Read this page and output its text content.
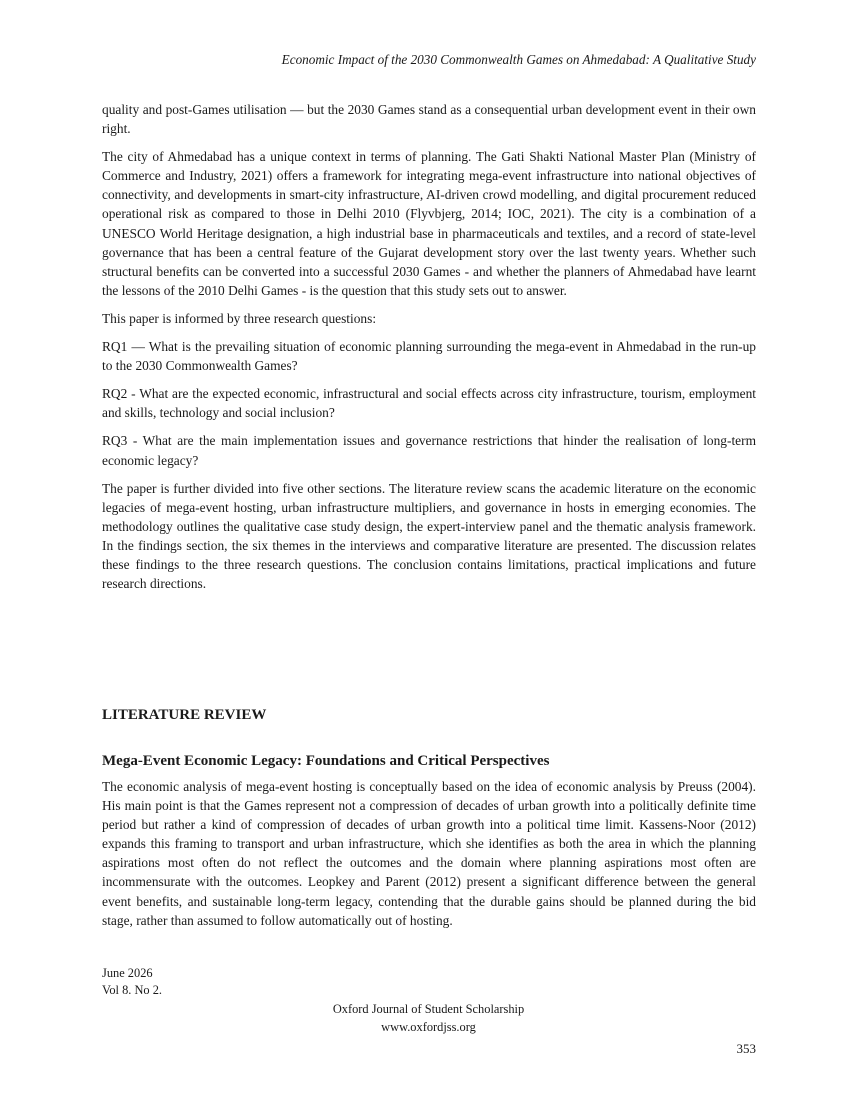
Economic Impact of the 2030 Commonwealth Games on Ahmedabad: A Qualitative Study

quality and post-Games utilisation — but the 2030 Games stand as a consequential urban development event in their own right.

The city of Ahmedabad has a unique context in terms of planning. The Gati Shakti National Master Plan (Ministry of Commerce and Industry, 2021) offers a framework for integrating mega-event infrastructure into national objectives of connectivity, and developments in smart-city infrastructure, AI-driven crowd modelling, and digital procurement reduced operational risk as compared to those in Delhi 2010 (Flyvbjerg, 2014; IOC, 2021). The city is a combination of a UNESCO World Heritage designation, a high industrial base in pharmaceuticals and textiles, and a record of state-level governance that has been a central feature of the Gujarat development story over the last twenty years. Whether such structural benefits can be converted into a successful 2030 Games - and whether the planners of Ahmedabad have learnt the lessons of the 2010 Delhi Games - is the question that this study sets out to answer.

This paper is informed by three research questions:

RQ1 — What is the prevailing situation of economic planning surrounding the mega-event in Ahmedabad in the run-up to the 2030 Commonwealth Games?

RQ2 - What are the expected economic, infrastructural and social effects across city infrastructure, tourism, employment and skills, technology and social inclusion?

RQ3 - What are the main implementation issues and governance restrictions that hinder the realisation of long-term economic legacy?

The paper is further divided into five other sections. The literature review scans the academic literature on the economic legacies of mega-event hosting, urban infrastructure multipliers, and governance in hosts in emerging economies. The methodology outlines the qualitative case study design, the expert-interview panel and the thematic analysis framework. In the findings section, the six themes in the interviews and comparative literature are presented. The discussion relates these findings to the three research questions. The conclusion contains limitations, practical implications and future research directions.

LITERATURE REVIEW
Mega-Event Economic Legacy: Foundations and Critical Perspectives

The economic analysis of mega-event hosting is conceptually based on the idea of economic analysis by Preuss (2004). His main point is that the Games represent not a compression of decades of urban growth into a politically definite time period but rather a kind of compression of decades of urban growth into a political time limit. Kassens-Noor (2012) expands this framing to transport and urban infrastructure, which she identifies as both the area in which the planning aspirations most often do not reflect the outcomes and the domain where planning aspirations most often are incommensurate with the outcomes. Leopkey and Parent (2012) present a significant difference between the general event benefits, and sustainable long-term legacy, contending that the durable gains should be planned during the bid stage, rather than assumed to follow automatically out of hosting.

June 2026
Vol 8. No 2.
Oxford Journal of Student Scholarship
www.oxfordjss.org
353
